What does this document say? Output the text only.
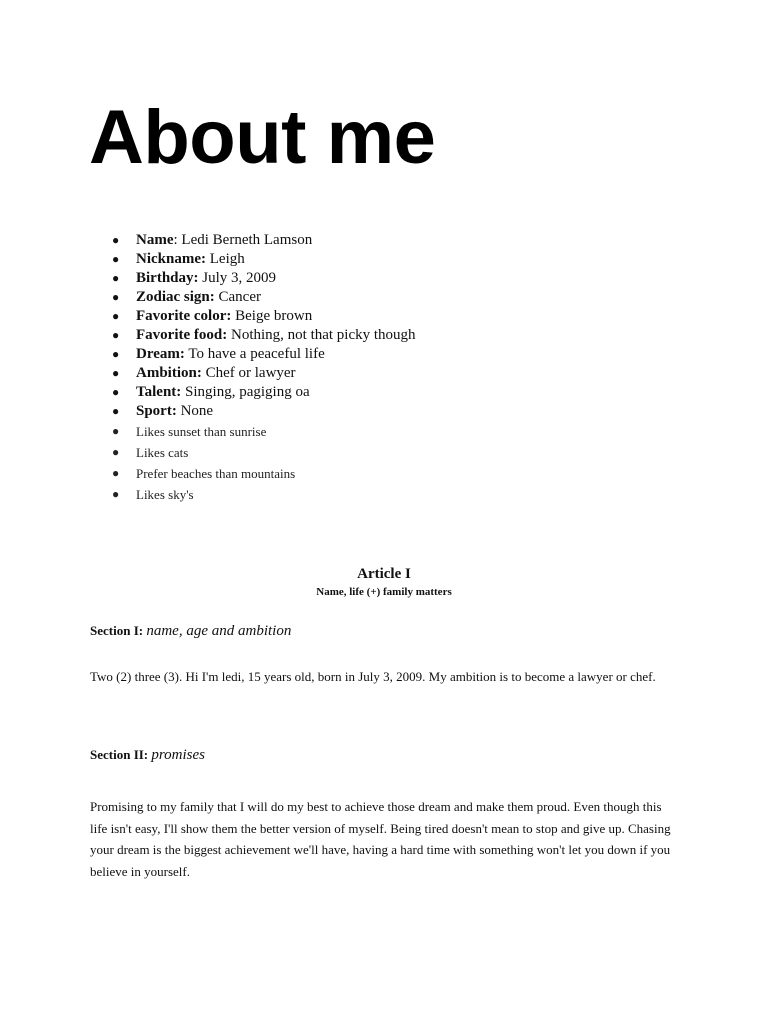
About me
● Name: Ledi Berneth Lamson
● Nickname: Leigh
● Birthday: July 3, 2009
● Zodiac sign: Cancer
● Favorite color: Beige brown
● Favorite food: Nothing, not that picky though
● Dream: To have a peaceful life
● Ambition: Chef or lawyer
● Talent: Singing, pagiging oa
● Sport: None
● Likes sunset than sunrise
● Likes cats
● Prefer beaches than mountains
● Likes sky's
Article I
Name, life (+) family matters
Section I: name, age and ambition

Two (2) three (3). Hi I'm ledi, 15 years old, born in July 3, 2009. My ambition is to become a lawyer or chef.

Section II: promises

Promising to my family that I will do my best to achieve those dream and make them proud. Even though this life isn't easy, I'll show them the better version of myself. Being tired doesn't mean to stop and give up. Chasing your dream is the biggest achievement we'll have, having a hard time with something won't let you down if you believe in yourself.
